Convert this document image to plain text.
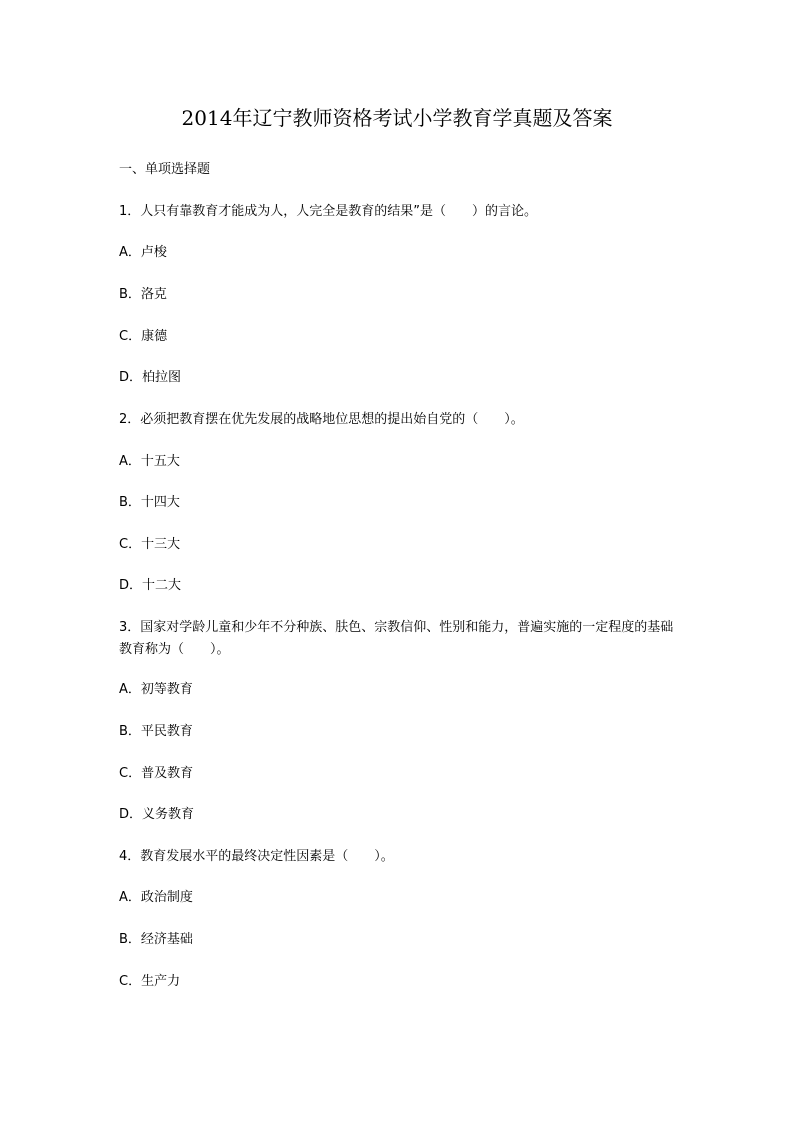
2014年辽宁教师资格考试小学教育学真题及答案
一、单项选择题
1．人只有靠教育才能成为人，人完全是教育的结果”是（　　）的言论。
A．卢梭
B．洛克
C．康德
D．柏拉图
2．必须把教育摆在优先发展的战略地位思想的提出始自党的（　　）。
A．十五大
B．十四大
C．十三大
D．十二大
3．国家对学龄儿童和少年不分种族、肤色、宗教信仰、性别和能力，普遍实施的一定程度的基础教育称为（　　）。
A．初等教育
B．平民教育
C．普及教育
D．义务教育
4．教育发展水平的最终决定性因素是（　　）。
A．政治制度
B．经济基础
C．生产力
